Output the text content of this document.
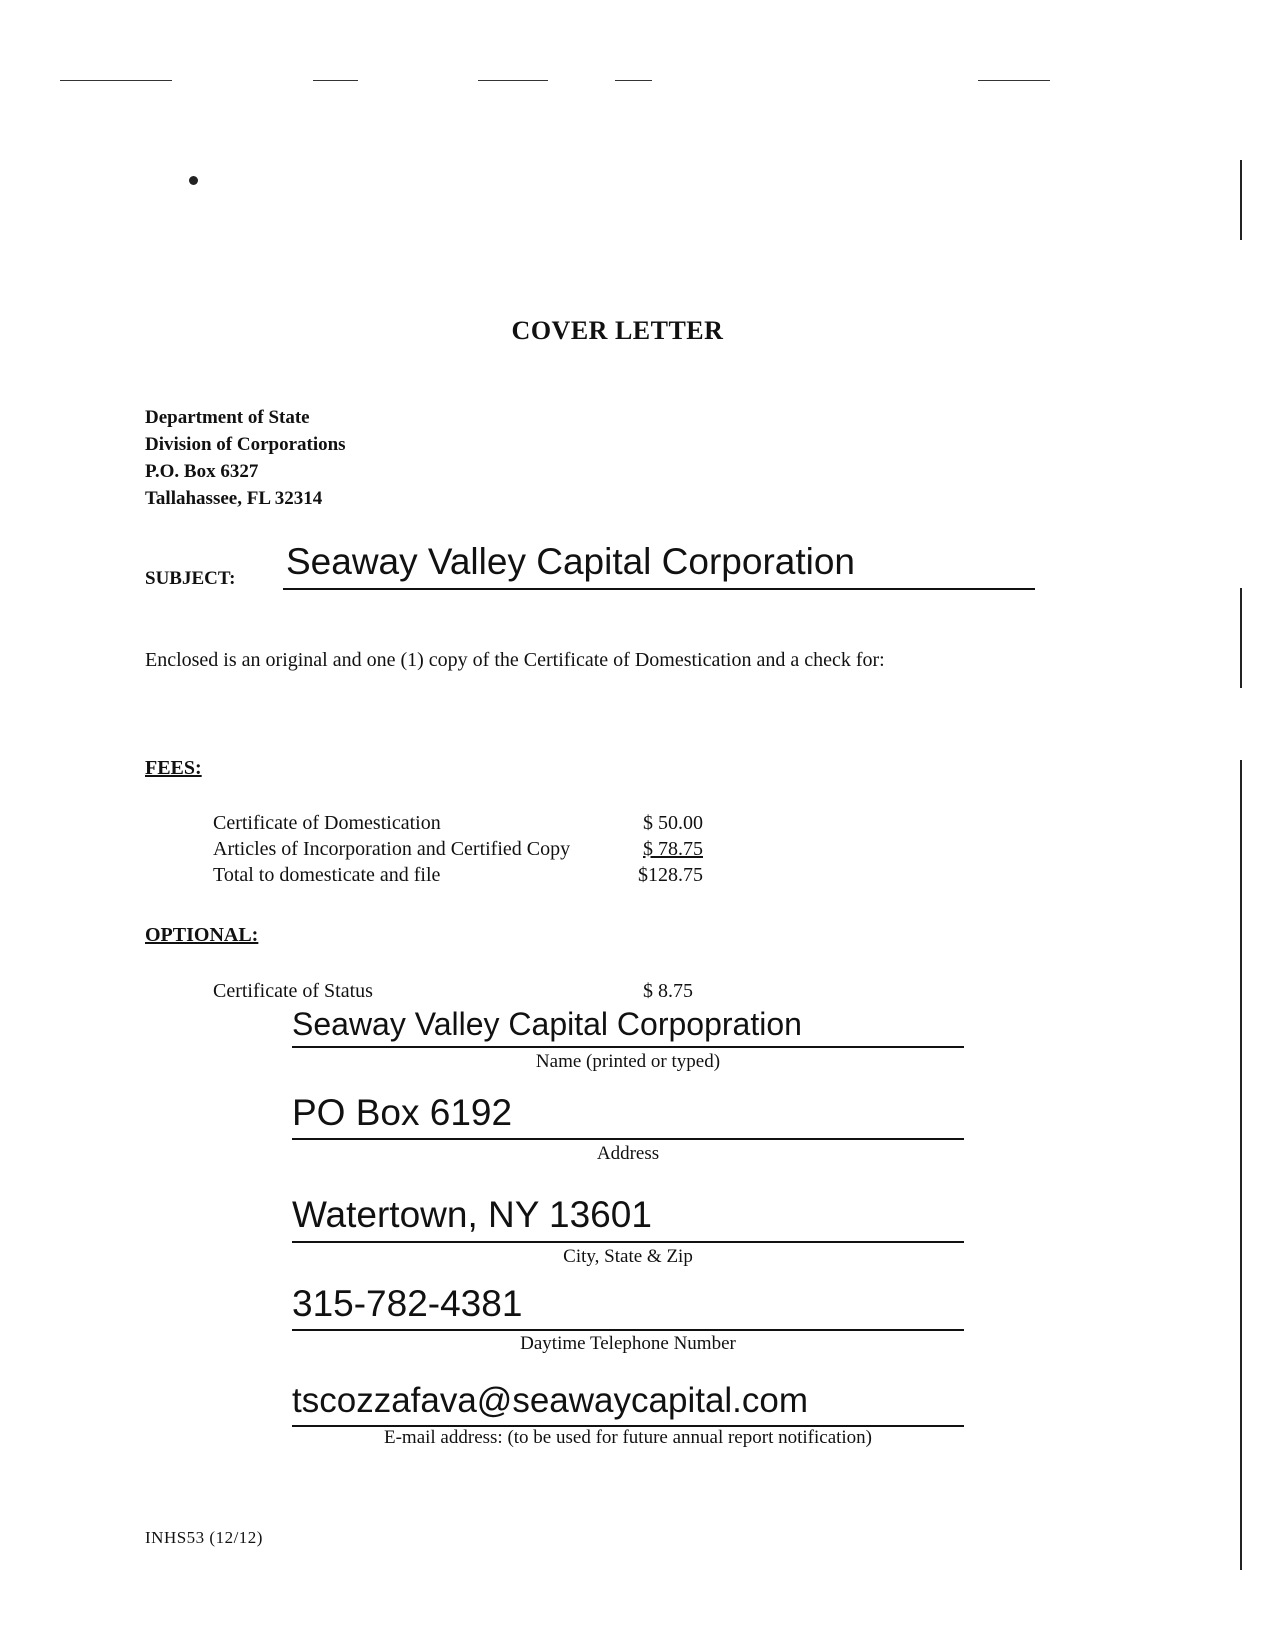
COVER LETTER
Department of State
Division of Corporations
P.O. Box 6327
Tallahassee, FL 32314
SUBJECT: Seaway Valley Capital Corporation
Enclosed is an original and one (1) copy of the Certificate of Domestication and a check for:
FEES:
Certificate of Domestication	$ 50.00
Articles of Incorporation and Certified Copy	$ 78.75
Total to domesticate and file	$128.75
OPTIONAL:
Certificate of Status	$ 8.75
Seaway Valley Capital Corpopration
Name (printed or typed)
PO Box 6192
Address
Watertown, NY 13601
City, State & Zip
315-782-4381
Daytime Telephone Number
tscozzafava@seawaycapital.com
E-mail address: (to be used for future annual report notification)
INHS53 (12/12)
